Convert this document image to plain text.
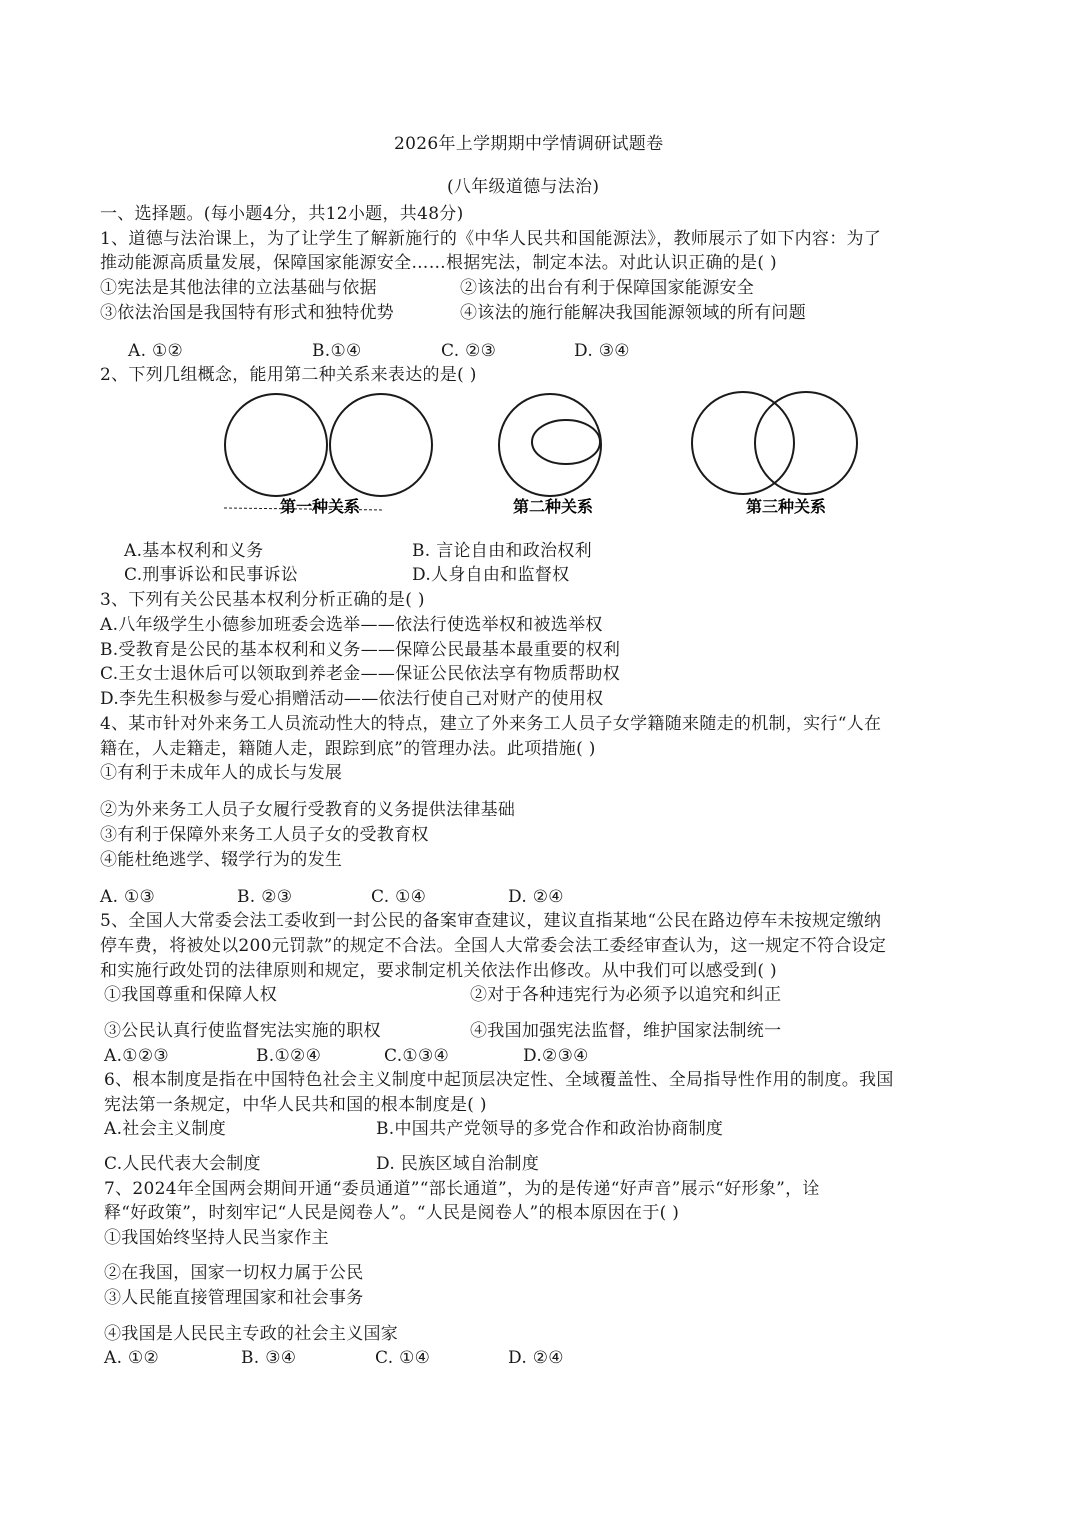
2026年上学期期中学情调研试题卷
(八年级道德与法治)
一、选择题。(每小题4分，共12小题，共48分)
1、道德与法治课上，为了让学生了解新施行的《中华人民共和国能源法》，教师展示了如下内容：为了
推动能源高质量发展，保障国家能源安全……根据宪法，制定本法。对此认识正确的是( )
①宪法是其他法律的立法基础与依据	②该法的出台有利于保障国家能源安全
③依法治国是我国特有形式和独特优势	④该法的施行能解决我国能源领域的所有问题
A. ①②	B.①④	C. ②③	D. ③④
2、下列几组概念，能用第二种关系来表达的是( )
第一种关系	第二种关系	第三种关系
A.基本权利和义务	B. 言论自由和政治权利
C.刑事诉讼和民事诉讼	D.人身自由和监督权
3、下列有关公民基本权利分析正确的是( )
A.八年级学生小德参加班委会选举——依法行使选举权和被选举权
B.受教育是公民的基本权利和义务——保障公民最基本最重要的权利
C.王女士退休后可以领取到养老金——保证公民依法享有物质帮助权
D.李先生积极参与爱心捐赠活动——依法行使自己对财产的使用权
4、某市针对外来务工人员流动性大的特点，建立了外来务工人员子女学籍随来随走的机制，实行“人在
籍在，人走籍走，籍随人走，跟踪到底”的管理办法。此项措施( )
①有利于未成年人的成长与发展
②为外来务工人员子女履行受教育的义务提供法律基础
③有利于保障外来务工人员子女的受教育权
④能杜绝逃学、辍学行为的发生
A. ①③	B. ②③	C. ①④	D. ②④
5、全国人大常委会法工委收到一封公民的备案审查建议，建议直指某地“公民在路边停车未按规定缴纳
停车费，将被处以200元罚款”的规定不合法。全国人大常委会法工委经审查认为，这一规定不符合设定
和实施行政处罚的法律原则和规定，要求制定机关依法作出修改。从中我们可以感受到( )
①我国尊重和保障人权	②对于各种违宪行为必须予以追究和纠正
③公民认真行使监督宪法实施的职权	④我国加强宪法监督，维护国家法制统一
A.①②③	B.①②④	C.①③④	D.②③④
6、根本制度是指在中国特色社会主义制度中起顶层决定性、全域覆盖性、全局指导性作用的制度。我国
宪法第一条规定，中华人民共和国的根本制度是( )
A.社会主义制度	B.中国共产党领导的多党合作和政治协商制度
C.人民代表大会制度	D. 民族区域自治制度
7、2024年全国两会期间开通“委员通道”“部长通道”，为的是传递“好声音”展示“好形象”，诠
释“好政策”，时刻牢记“人民是阅卷人”。“人民是阅卷人”的根本原因在于( )
①我国始终坚持人民当家作主
②在我国，国家一切权力属于公民
③人民能直接管理国家和社会事务
④我国是人民民主专政的社会主义国家
A. ①②	B. ③④	C. ①④	D. ②④
